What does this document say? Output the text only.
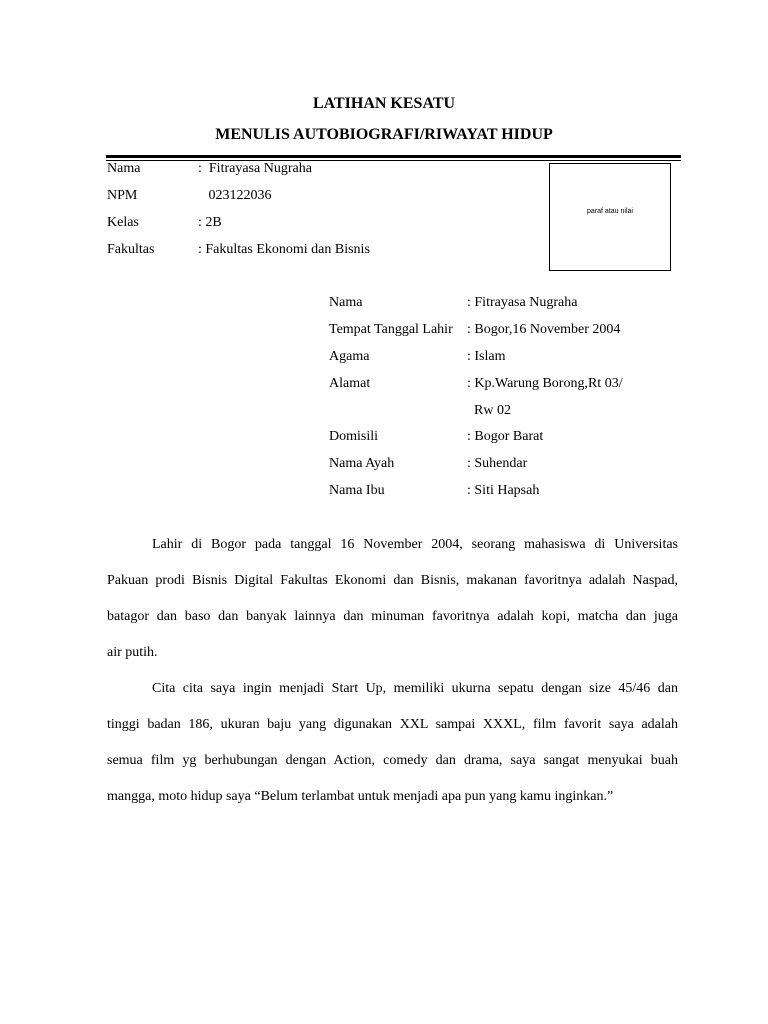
LATIHAN KESATU
MENULIS AUTOBIOGRAFI/RIWAYAT HIDUP
Nama	:  Fitrayasa Nugraha
NPM	023122036
Kelas	: 2B
Fakultas	: Fakultas Ekonomi dan Bisnis
paraf atau nilai
Nama	: Fitrayasa Nugraha
Tempat Tanggal Lahir : Bogor,16 November 2004
Agama	: Islam
Alamat	: Kp.Warung Borong,Rt 03/
Rw 02
Domisili	: Bogor Barat
Nama Ayah	: Suhendar
Nama Ibu	: Siti Hapsah
Lahir di Bogor pada tanggal 16 November 2004, seorang mahasiswa di Universitas
Pakuan prodi Bisnis Digital Fakultas Ekonomi dan Bisnis, makanan favoritnya adalah Naspad,
batagor dan baso dan banyak lainnya dan minuman favoritnya adalah kopi, matcha dan juga
air putih.
Cita cita saya ingin menjadi Start Up, memiliki ukurna sepatu dengan size 45/46 dan
tinggi badan 186, ukuran baju yang digunakan XXL sampai XXXL, film favorit saya adalah
semua film yg berhubungan dengan Action, comedy dan drama, saya sangat menyukai buah
mangga, moto hidup saya “Belum terlambat untuk menjadi apa pun yang kamu inginkan.”
